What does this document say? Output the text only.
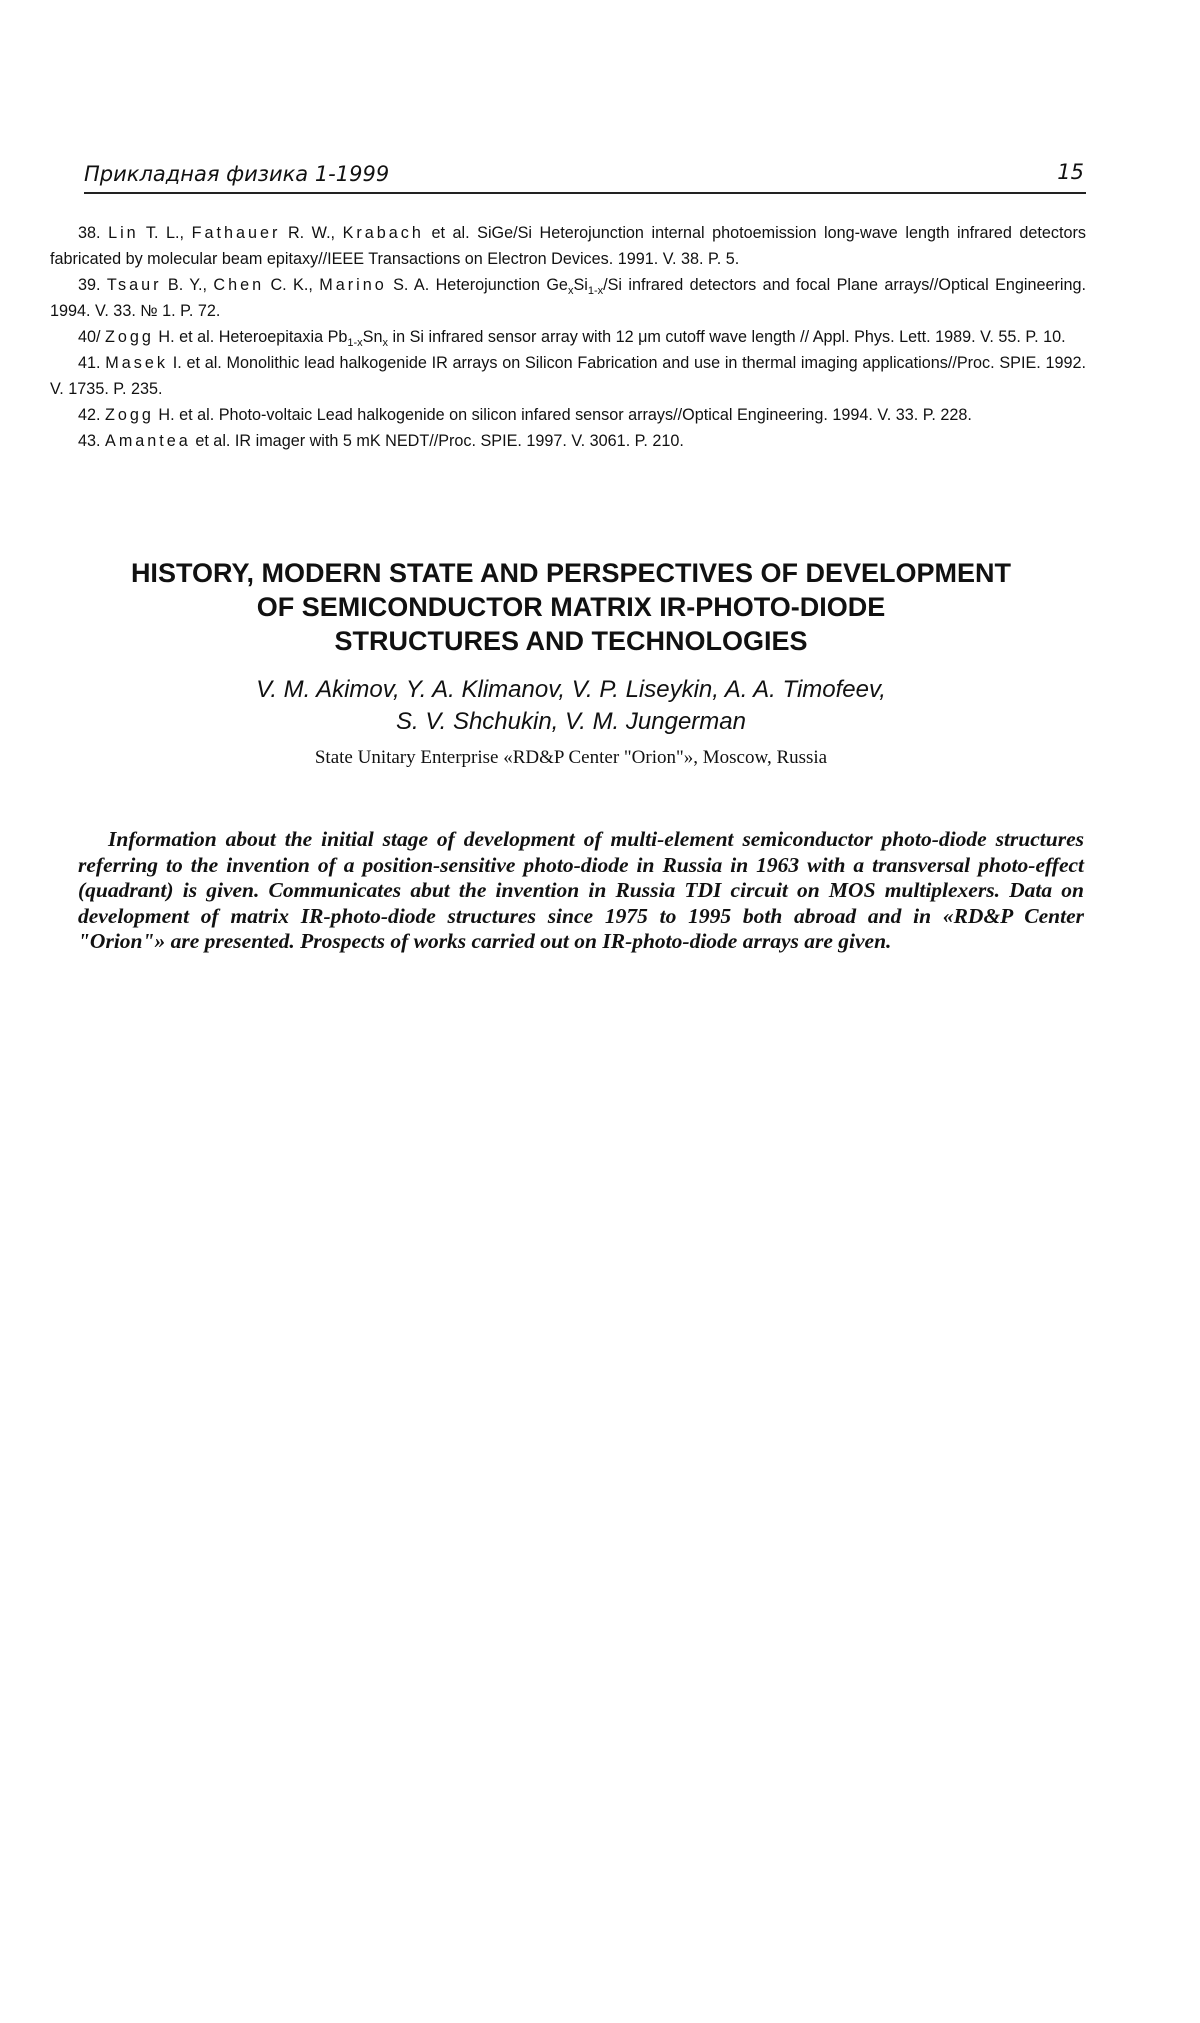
Прикладная физика 1-1999	15

38. Lin T. L., Fathauer R. W., Krabach et al. SiGe/Si Heterojunction internal photoemission long-wave length infrared detectors fabricated by molecular beam epitaxy//IEEE Transactions on Electron Devices. 1991. V. 38. P. 5.

39. Tsaur B. Y., Chen C. K., Marino S. A. Heterojunction $Ge_xSi_{1-x}/Si$ infrared detectors and focal Plane arrays//Optical Engineering. 1994. V. 33. № 1. P. 72.

40/ Zogg H. et al. Heteroepitaxia $Pb_{1-x}Sn_x$ in Si infrared sensor array with 12 μm cutoff wave length // Appl. Phys. Lett. 1989. V. 55. P. 10.

41. Masek I. et al. Monolithic lead halkogenide IR arrays on Silicon Fabrication and use in thermal imaging applications//Proc. SPIE. 1992. V. 1735. P. 235.

42. Zogg H. et al. Photo-voltaic Lead halkogenide on silicon infared sensor arrays//Optical Engineering. 1994. V. 33. P. 228.

43. Amantea et al. IR imager with 5 mK NEDT//Proc. SPIE. 1997. V. 3061. P. 210.

HISTORY, MODERN STATE AND PERSPECTIVES OF DEVELOPMENT
OF SEMICONDUCTOR MATRIX IR-PHOTO-DIODE
STRUCTURES AND TECHNOLOGIES
V. M. Akimov, Y. A. Klimanov, V. P. Liseykin, A. A. Timofeev,
S. V. Shchukin, V. M. Jungerman
State Unitary Enterprise «RD&P Center "Orion"», Moscow, Russia

Information about the initial stage of development of multi-element semiconductor photo-diode structures referring to the invention of a position-sensitive photo-diode in Russia in 1963 with a transversal photo-effect (quadrant) is given. Communicates abut the invention in Russia TDI circuit on MOS multiplexers. Data on development of matrix IR-photo-diode structures since 1975 to 1995 both abroad and in «RD&P Center "Orion"» are presented. Prospects of works carried out on IR-photo-diode arrays are given.
